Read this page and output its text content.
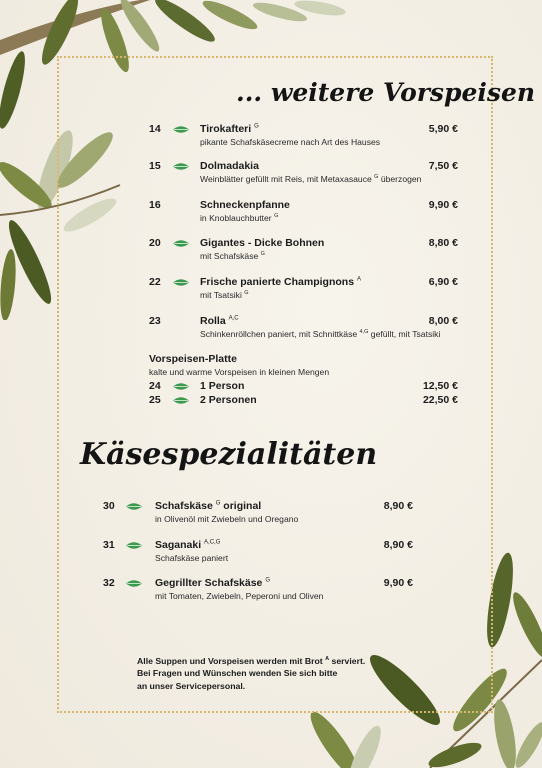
... weitere Vorspeisen
14	Tirokafteri $^G$
pikante Schafskäsecreme nach Art des Hauses
5,90 €
15	Dolmadakia
Weinblätter gefüllt mit Reis, mit Metaxasauce $^G$ überzogen
7,50 €
16	Schneckenpfanne
in Knoblauchbutter $^G$
9,90 €
20	Gigantes - Dicke Bohnen
mit Schafskäse $^G$
8,80 €
22	Frische panierte Champignons $^A$
mit Tsatsiki $^G$
6,90 €
23	Rolla $^{A,C}$
Schinkenröllchen paniert, mit Schnittkäse $^{4,G}$ gefüllt, mit Tsatsiki
8,00 €
Vorspeisen-Platte
kalte und warme Vorspeisen in kleinen Mengen
24	1 Person	12,50 €
25	2 Personen	22,50 €
Käsespezialitäten
30	Schafskäse $^G$ original
in Olivenöl mit Zwiebeln und Oregano
8,90 €
31	Saganaki $^{A,C,G}$
Schafskäse paniert
8,90 €
32	Gegrillter Schafskäse $^G$
mit Tomaten, Zwiebeln, Peperoni und Oliven
9,90 €
Alle Suppen und Vorspeisen werden mit Brot $^A$ serviert.
Bei Fragen und Wünschen wenden Sie sich bitte
an unser Servicepersonal.
